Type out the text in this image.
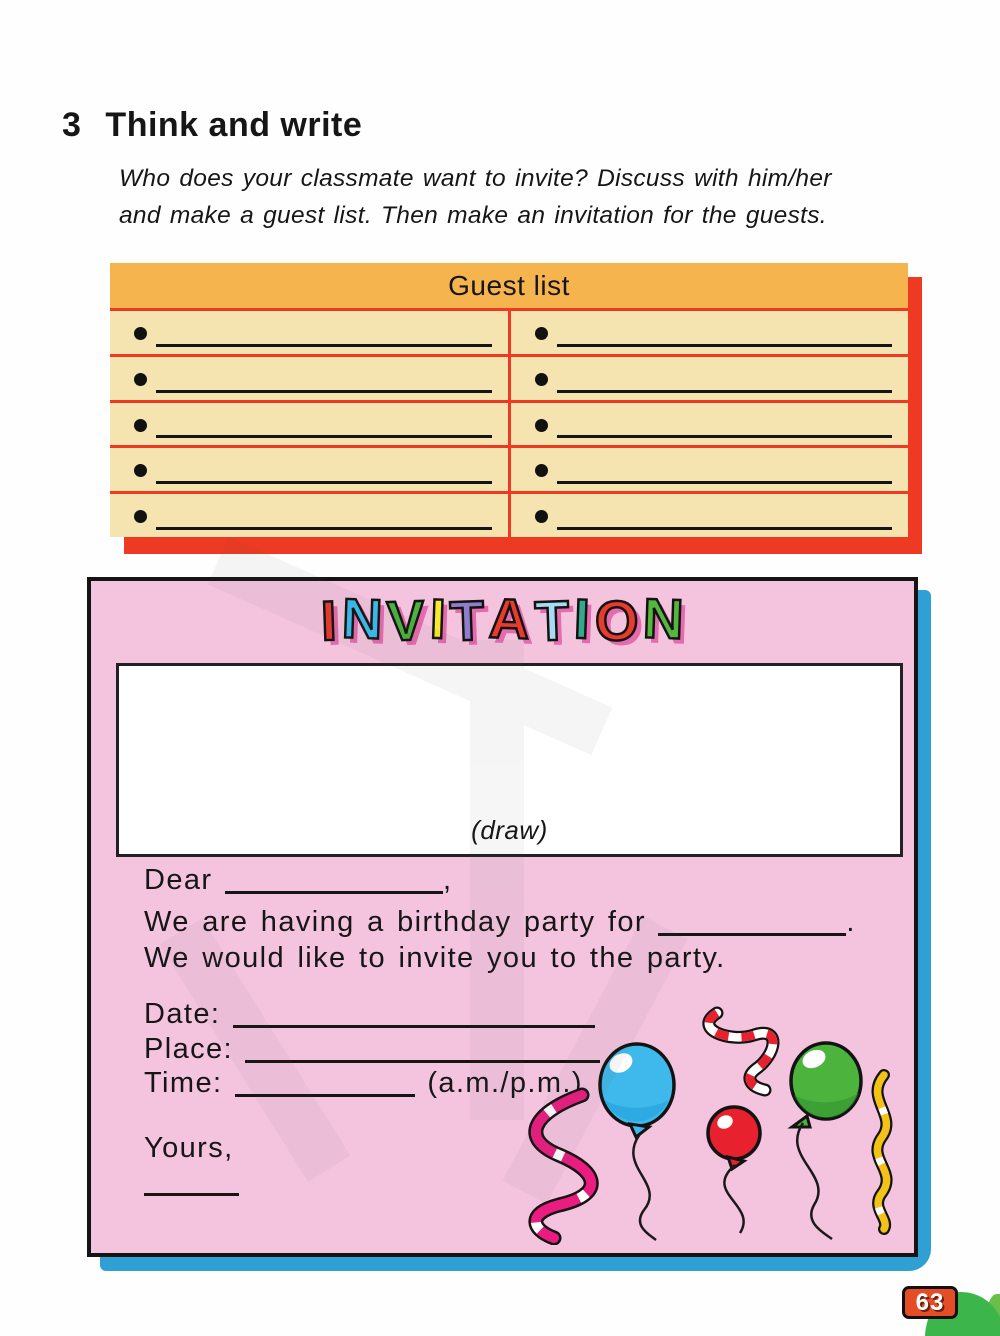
3 Think and write
Who does your classmate want to invite? Discuss with him/her
and make a guest list. Then make an invitation for the guests.
Guest list
I N V I T A T I O N
(draw)
Dear	,
We are having a birthday party for	.
We would like to invite you to the party.
Date:
Place:
Time:	(a.m./p.m.)
Yours,
63
